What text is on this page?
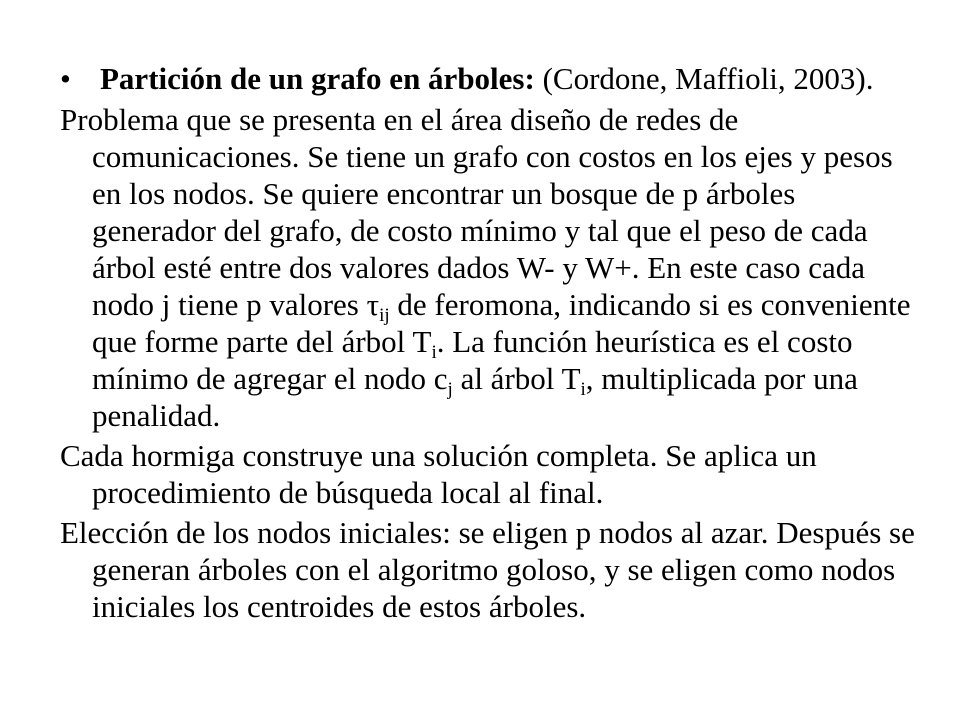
• Partición de un grafo en árboles: (Cordone, Maffioli, 2003).
Problema que se presenta en el área diseño de redes de comunicaciones. Se tiene un grafo con costos en los ejes y pesos en los nodos. Se quiere encontrar un bosque de p árboles generador del grafo, de costo mínimo y tal que el peso de cada árbol esté entre dos valores dados W- y W+. En este caso cada nodo j tiene p valores $\tau_{ij}$ de feromona, indicando si es conveniente que forme parte del árbol $T_i$. La función heurística es el costo mínimo de agregar el nodo $c_j$ al árbol $T_i$, multiplicada por una penalidad.
Cada hormiga construye una solución completa. Se aplica un procedimiento de búsqueda local al final.
Elección de los nodos iniciales: se eligen p nodos al azar. Después se generan árboles con el algoritmo goloso, y se eligen como nodos iniciales los centroides de estos árboles.
